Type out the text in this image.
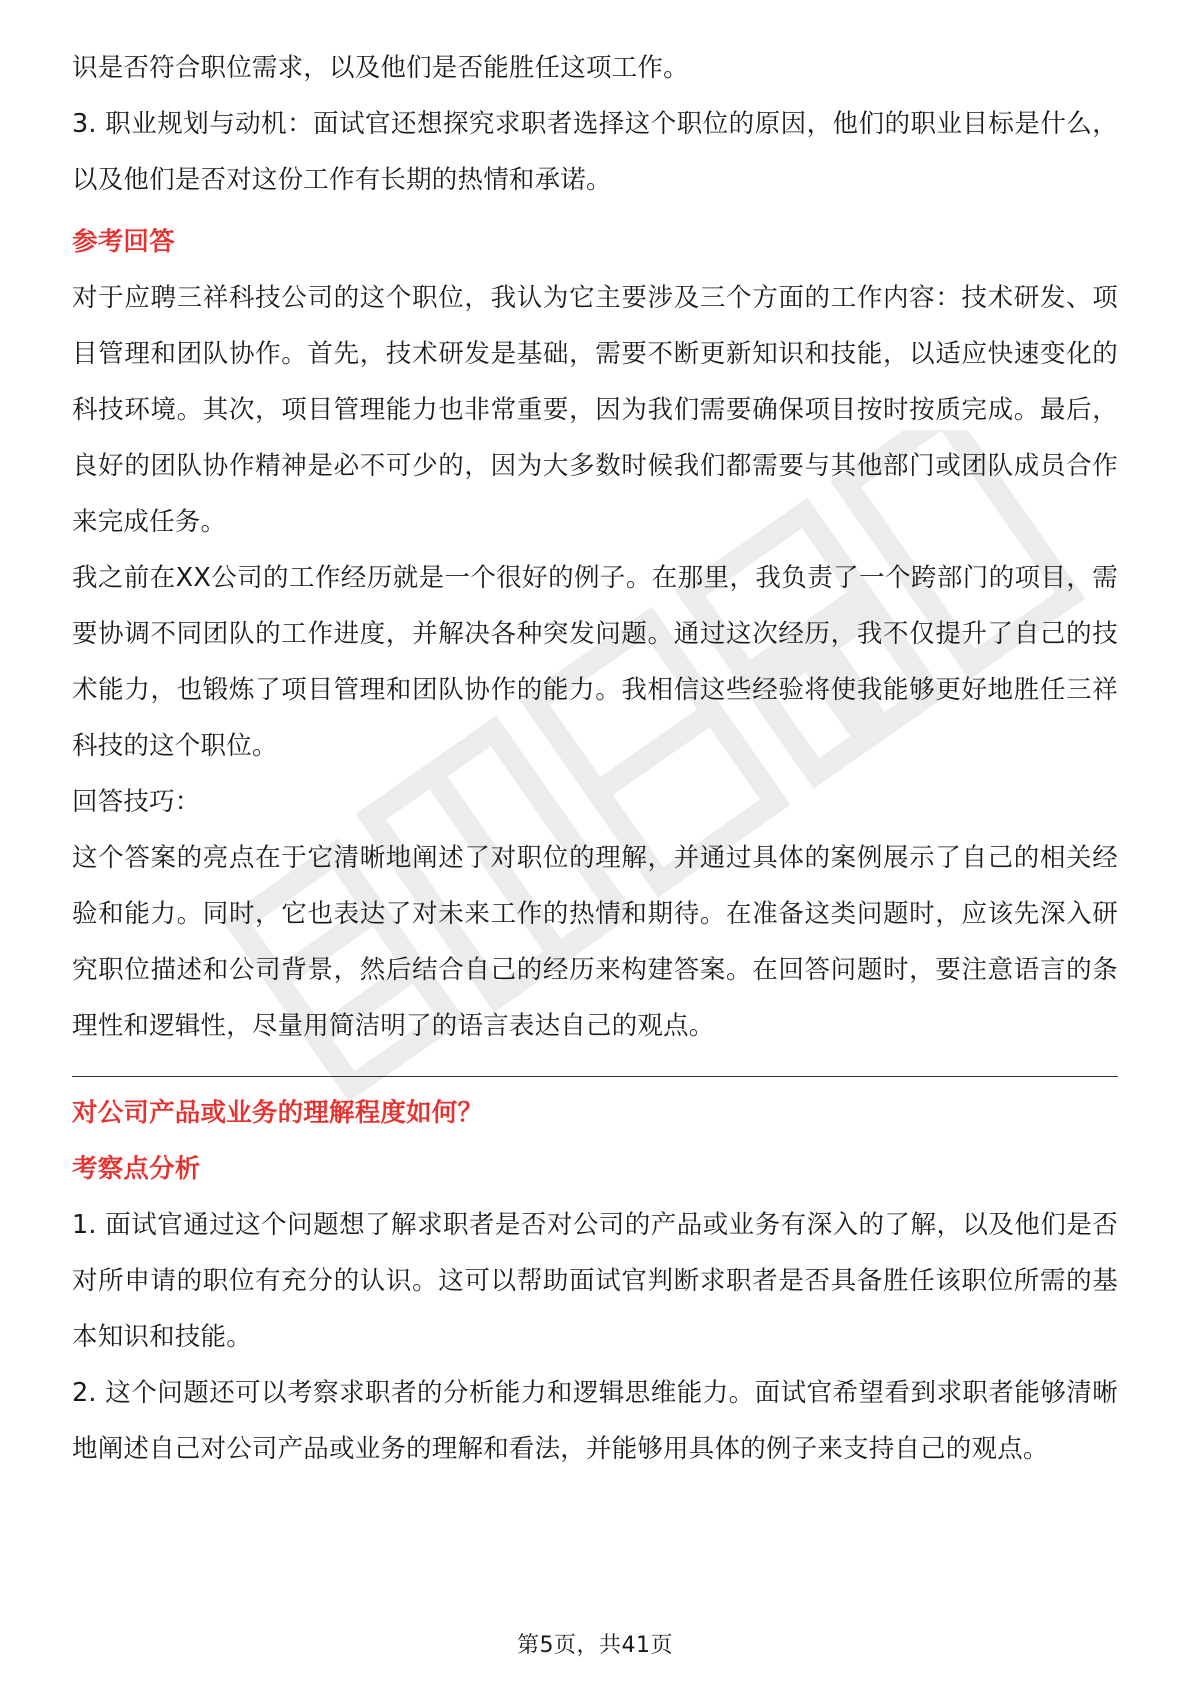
识是否符合职位需求，以及他们是否能胜任这项工作。

3. 职业规划与动机：面试官还想探究求职者选择这个职位的原因，他们的职业目标是什么，以及他们是否对这份工作有长期的热情和承诺。

参考回答

对于应聘三祥科技公司的这个职位，我认为它主要涉及三个方面的工作内容：技术研发、项目管理和团队协作。首先，技术研发是基础，需要不断更新知识和技能，以适应快速变化的科技环境。其次，项目管理能力也非常重要，因为我们需要确保项目按时按质完成。最后，良好的团队协作精神是必不可少的，因为大多数时候我们都需要与其他部门或团队成员合作来完成任务。

我之前在XX公司的工作经历就是一个很好的例子。在那里，我负责了一个跨部门的项目，需要协调不同团队的工作进度，并解决各种突发问题。通过这次经历，我不仅提升了自己的技术能力，也锻炼了项目管理和团队协作的能力。我相信这些经验将使我能够更好地胜任三祥科技的这个职位。

回答技巧：

这个答案的亮点在于它清晰地阐述了对职位的理解，并通过具体的案例展示了自己的相关经验和能力。同时，它也表达了对未来工作的热情和期待。在准备这类问题时，应该先深入研究职位描述和公司背景，然后结合自己的经历来构建答案。在回答问题时，要注意语言的条理性和逻辑性，尽量用简洁明了的语言表达自己的观点。

对公司产品或业务的理解程度如何？

考察点分析

1. 面试官通过这个问题想了解求职者是否对公司的产品或业务有深入的了解，以及他们是否对所申请的职位有充分的认识。这可以帮助面试官判断求职者是否具备胜任该职位所需的基本知识和技能。

2. 这个问题还可以考察求职者的分析能力和逻辑思维能力。面试官希望看到求职者能够清晰地阐述自己对公司产品或业务的理解和看法，并能够用具体的例子来支持自己的观点。

第5页，共41页
